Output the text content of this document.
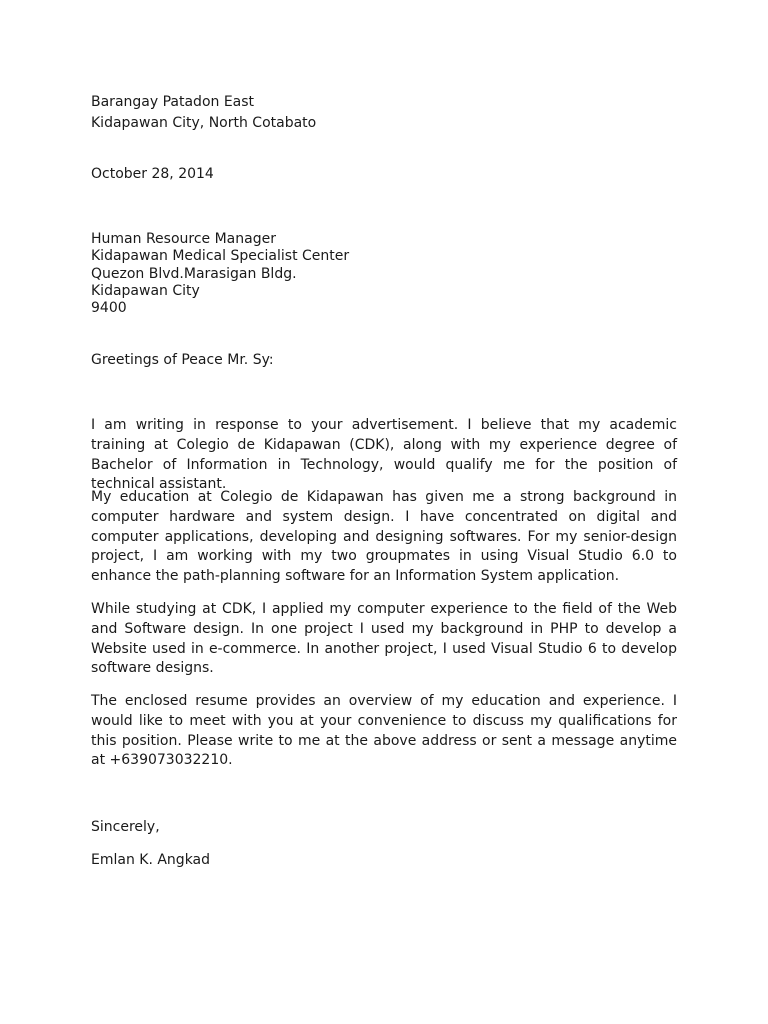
Barangay Patadon East
Kidapawan City, North Cotabato
October 28, 2014
Human Resource Manager
Kidapawan Medical Specialist Center
Quezon Blvd.Marasigan Bldg.
Kidapawan City
9400
Greetings of Peace Mr. Sy:
I am writing in response to your advertisement. I believe that my academic training at Colegio de Kidapawan (CDK), along with my experience degree of Bachelor of Information in Technology, would qualify me for the position of technical assistant.
My education at Colegio de Kidapawan has given me a strong background in computer hardware and system design. I have concentrated on digital and computer applications, developing and designing softwares. For my senior-design project, I am working with my two groupmates in using Visual Studio 6.0 to enhance the path-planning software for an Information System application.
While studying at CDK, I applied my computer experience to the field of the Web and Software design. In one project I used my background in PHP to develop a Website used in e-commerce. In another project, I used Visual Studio 6 to develop software designs.
The enclosed resume provides an overview of my education and experience. I would like to meet with you at your convenience to discuss my qualifications for this position. Please write to me at the above address or sent a message anytime at +639073032210.
Sincerely,
Emlan K. Angkad
